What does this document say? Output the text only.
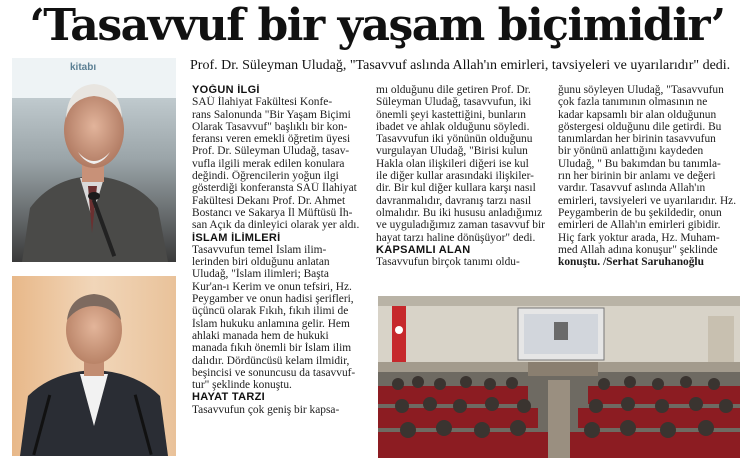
‘Tasavvuf bir yaşam biçimidir’
Prof. Dr. Süleyman Uludağ, "Tasavvuf aslında Allah'ın emirleri, tavsiyeleri ve uyarılarıdır" dedi.
kitabı
YOĞUN İLGİ
SAÜ İlahiyat Fakültesi Konfe-
rans Salonunda "Bir Yaşam Biçimi
Olarak Tasavvuf" başlıklı bir kon-
feransı veren emekli öğretim üyesi
Prof. Dr. Süleyman Uludağ, tasav-
vufla ilgili merak edilen konulara
değindi. Öğrencilerin yoğun ilgi
gösterdiği konferansta SAÜ İlahiyat
Fakültesi Dekanı Prof. Dr. Ahmet
Bostancı ve Sakarya İl Müftüsü İh-
san Açık da dinleyici olarak yer aldı.
İSLAM İLİMLERİ
Tasavvufun temel İslam ilim-
lerinden biri olduğunu anlatan
Uludağ, "İslam ilimleri; Başta
Kur'an-ı Kerim ve onun tefsiri, Hz.
Peygamber ve onun hadisi şerifleri,
üçüncü olarak Fıkıh, fıkıh ilimi de
İslam hukuku anlamına gelir. Hem
ahlaki manada hem de hukuki
manada fıkıh önemli bir İslam ilim
dalıdır. Dördüncüsü kelam ilmidir,
beşincisi ve sonuncusu da tasavvuf-
tur" şeklinde konuştu.
HAYAT TARZI
Tasavvufun çok geniş bir kapsa-
mı olduğunu dile getiren Prof. Dr.
Süleyman Uludağ, tasavvufun, iki
önemli şeyi kastettiğini, bunların
ibadet ve ahlak olduğunu söyledi.
Tasavvufun iki yönünün olduğunu
vurgulayan Uludağ, "Birisi kulun
Hakla olan ilişkileri diğeri ise kul
ile diğer kullar arasındaki ilişkiler-
dir. Bir kul diğer kullara karşı nasıl
davranmalıdır, davranış tarzı nasıl
olmalıdır. Bu iki hususu anladığımız
ve uyguladığımız zaman tasavvuf bir
hayat tarzı haline dönüşüyor" dedi.
KAPSAMLI ALAN
Tasavvufun birçok tanımı oldu-
ğunu söyleyen Uludağ, "Tasavvufun
çok fazla tanımının olmasının ne
kadar kapsamlı bir alan olduğunun
göstergesi olduğunu dile getirdi. Bu
tanımlardan her birinin tasavvufun
bir yönünü anlattığını kaydeden
Uludağ, " Bu bakımdan bu tanımla-
rın her birinin bir anlamı ve değeri
vardır. Tasavvuf aslında Allah'ın
emirleri, tavsiyeleri ve uyarılarıdır. Hz.
Peygamberin de bu şekildedir, onun
emirleri de Allah'ın emirleri gibidir.
Hiç fark yoktur arada, Hz. Muham-
med Allah adına konuşur" şeklinde
konuştu. /Serhat Saruhanoğlu
